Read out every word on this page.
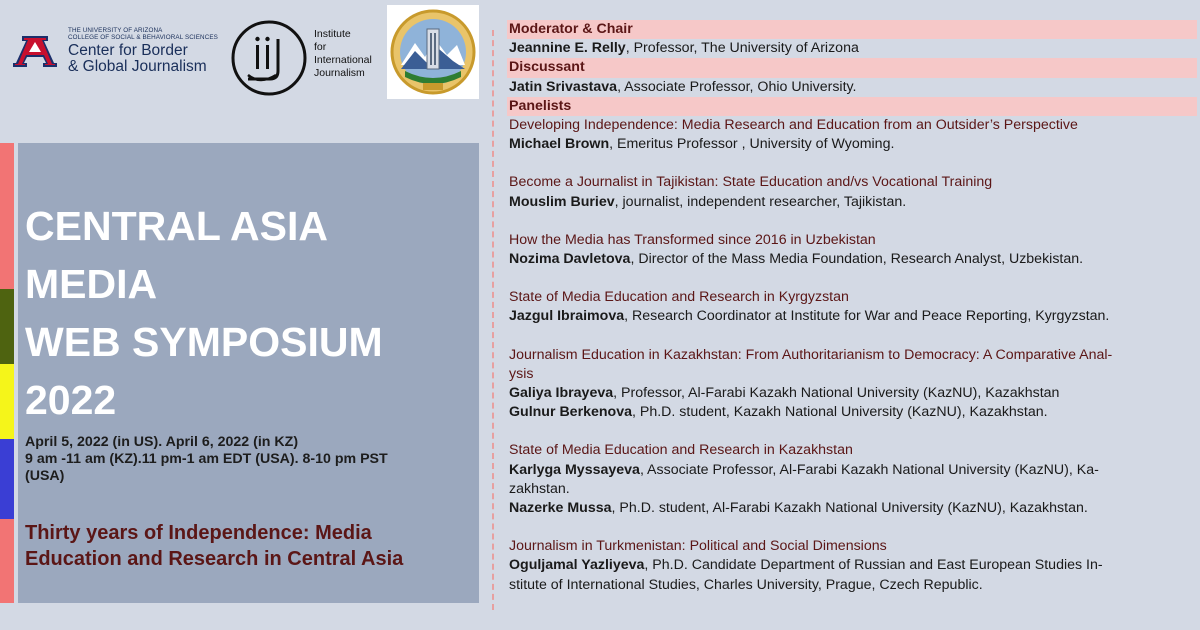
THE UNIVERSITY OF ARIZONA
COLLEGE OF SOCIAL & BEHAVIORAL SCIENCES
Center for Border
& Global Journalism
Institute
for
International
Journalism
CENTRAL ASIA
MEDIA
WEB SYMPOSIUM
2022
April 5, 2022 (in US). April 6, 2022 (in KZ)
9 am -11 am (KZ).11 pm-1 am EDT (USA). 8-10 pm PST
(USA)
Thirty years of Independence: Media
Education and Research in Central Asia
Moderator & Chair
Jeannine E. Relly, Professor, The University of Arizona
Discussant
Jatin Srivastava, Associate Professor, Ohio University.
Panelists
Developing Independence: Media Research and Education from an Outsider’s Perspective
Michael Brown, Emeritus Professor , University of Wyoming.
Become a Journalist in Tajikistan: State Education and/vs Vocational Training
Mouslim Buriev, journalist, independent researcher, Tajikistan.
How the Media has Transformed since 2016 in Uzbekistan
Nozima Davletova, Director of the Mass Media Foundation, Research Analyst, Uzbekistan.
State of Media Education and Research in Kyrgyzstan
Jazgul Ibraimova, Research Coordinator at Institute for War and Peace Reporting, Kyrgyzstan.
Journalism Education in Kazakhstan: From Authoritarianism to Democracy: A Comparative Anal-
ysis
Galiya Ibrayeva, Professor, Al-Farabi Kazakh National University (KazNU), Kazakhstan
Gulnur Berkenova, Ph.D. student, Kazakh National University (KazNU), Kazakhstan.
State of Media Education and Research in Kazakhstan
Karlyga Myssayeva, Associate Professor, Al-Farabi Kazakh National University (KazNU), Ka-
zakhstan.
Nazerke Mussa, Ph.D. student, Al-Farabi Kazakh National University (KazNU), Kazakhstan.
Journalism in Turkmenistan: Political and Social Dimensions
Oguljamal Yazliyeva, Ph.D. Candidate Department of Russian and East European Studies In-
stitute of International Studies, Charles University, Prague, Czech Republic.
